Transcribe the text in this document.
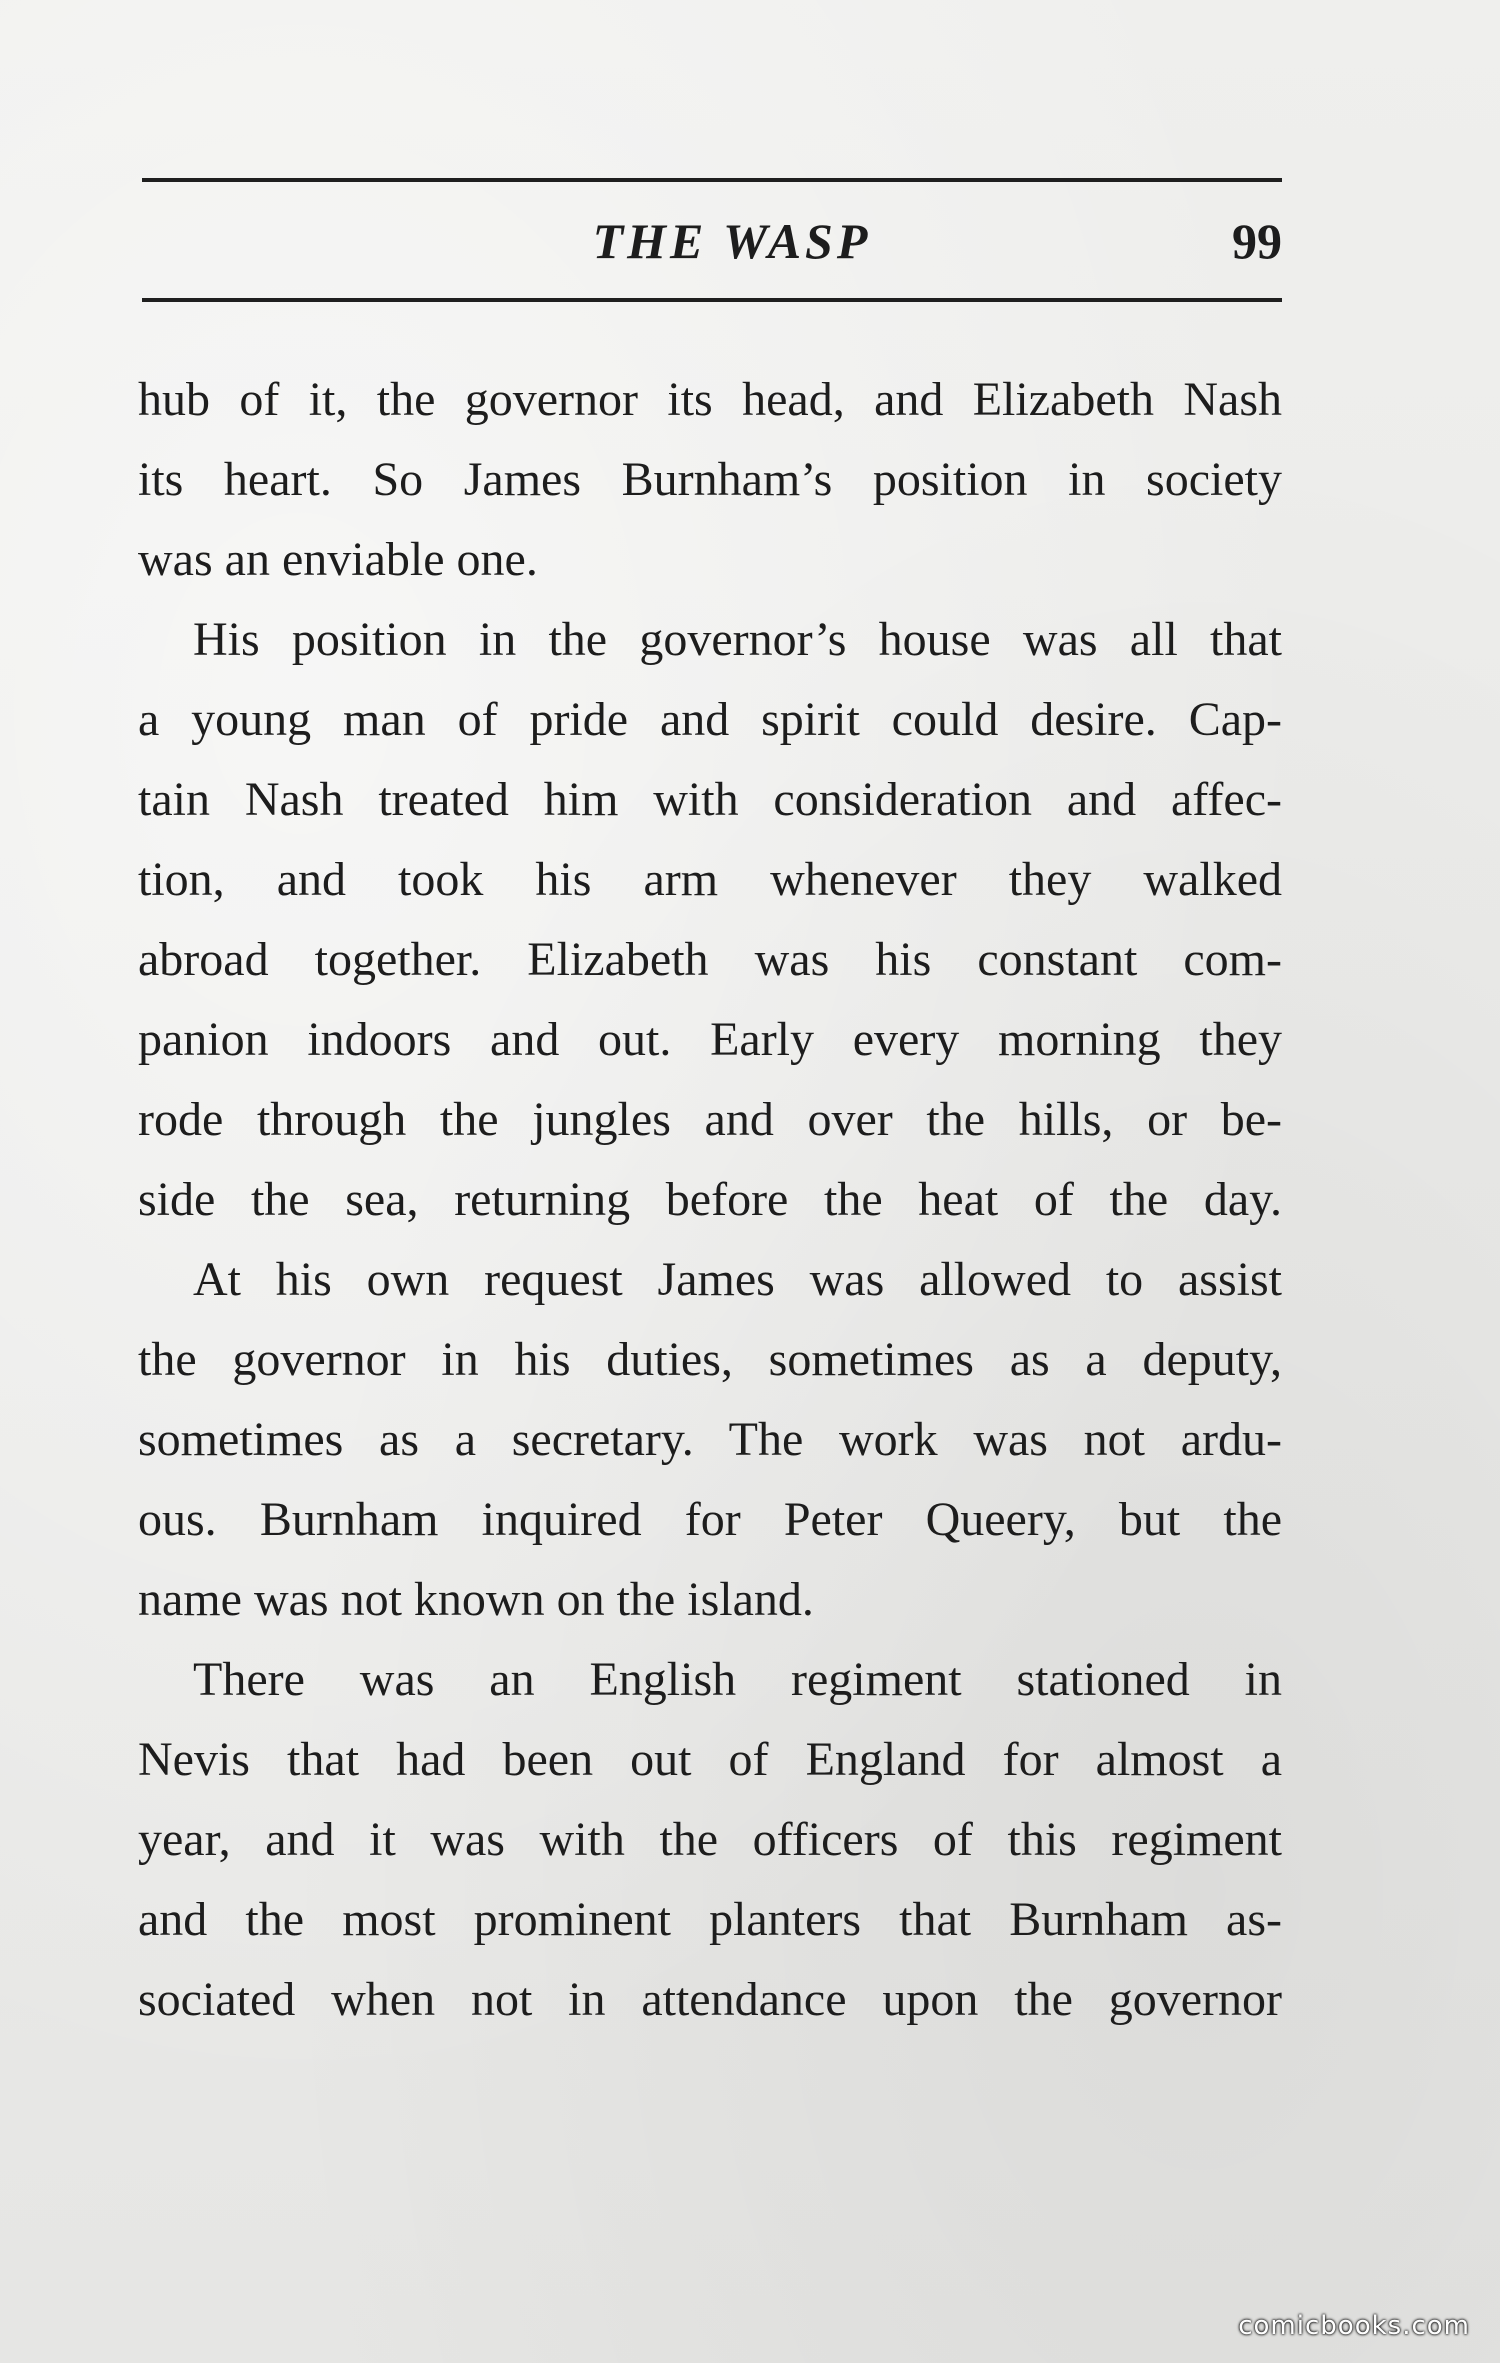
THE WASP	99
hub of it, the governor its head, and Elizabeth Nash
its heart. So James Burnham’s position in society
was an enviable one.
His position in the governor’s house was all that
a young man of pride and spirit could desire. Cap-
tain Nash treated him with consideration and affec-
tion, and took his arm whenever they walked
abroad together. Elizabeth was his constant com-
panion indoors and out. Early every morning they
rode through the jungles and over the hills, or be-
side the sea, returning before the heat of the day.
At his own request James was allowed to assist
the governor in his duties, sometimes as a deputy,
sometimes as a secretary. The work was not ardu-
ous. Burnham inquired for Peter Queery, but the
name was not known on the island.
There was an English regiment stationed in
Nevis that had been out of England for almost a
year, and it was with the officers of this regiment
and the most prominent planters that Burnham as-
sociated when not in attendance upon the governor
comicbooks.com
